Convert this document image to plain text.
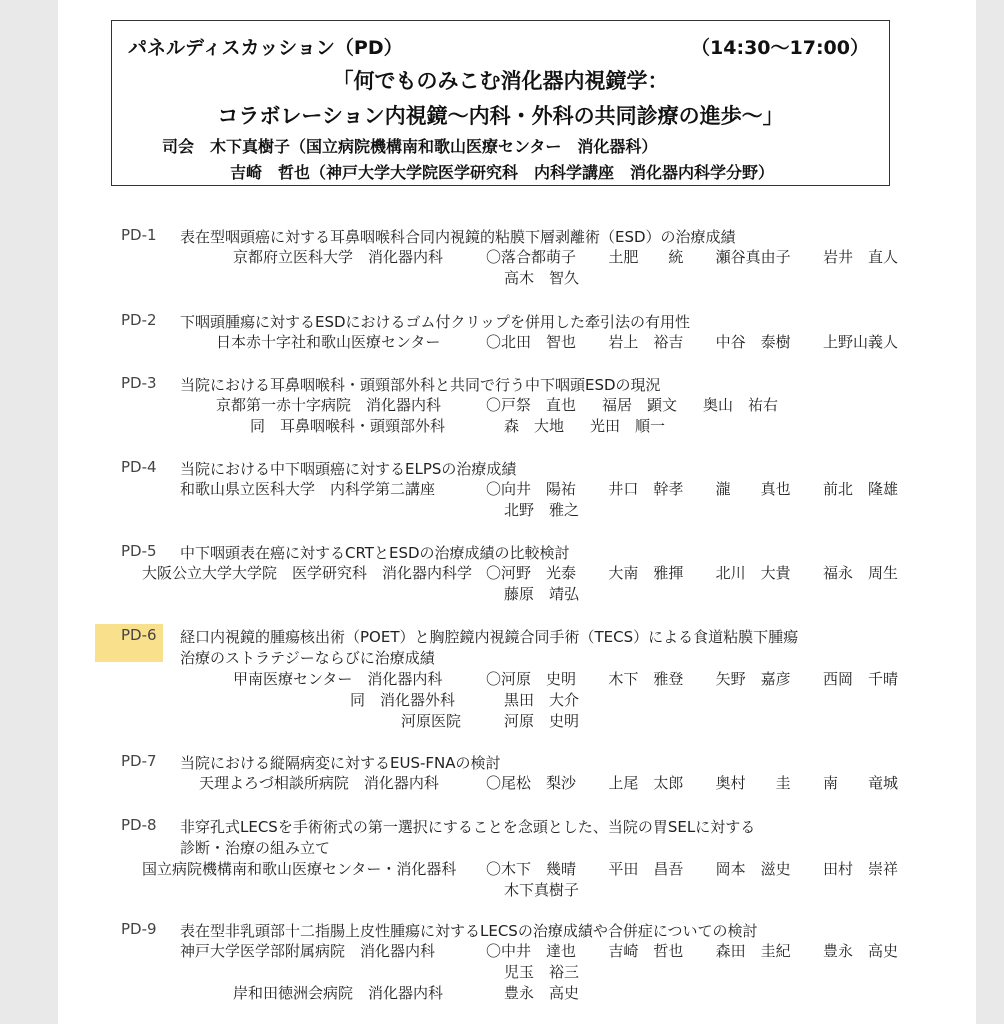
パネルディスカッション（PD）	（14:30〜17:00）
「何でものみこむ消化器内視鏡学：
コラボレーション内視鏡〜内科・外科の共同診療の進歩〜」
司会　木下真樹子（国立病院機構南和歌山医療センター　消化器科）
吉崎　哲也（神戸大学大学院医学研究科　内科学講座　消化器内科学分野）
PD-1 表在型咽頭癌に対する耳鼻咽喉科合同内視鏡的粘膜下層剥離術（ESD）の治療成績
京都府立医科大学　消化器内科	〇落合都萌子 土肥　　統 瀬谷真由子 岩井　直人
高木　智久
PD-2 下咽頭腫瘍に対するESDにおけるゴム付クリップを併用した牽引法の有用性
日本赤十字社和歌山医療センター	〇北田　智也 岩上　裕吉 中谷　泰樹 上野山義人
PD-3 当院における耳鼻咽喉科・頭頸部外科と共同で行う中下咽頭ESDの現況
京都第一赤十字病院　消化器内科	〇戸祭　直也 福居　顕文 奥山　祐右
同　耳鼻咽喉科・頭頸部外科	森　大地 光田　順一
PD-4 当院における中下咽頭癌に対するELPSの治療成績
和歌山県立医科大学　内科学第二講座	〇向井　陽祐 井口　幹孝 瀧　　真也 前北　隆雄
北野　雅之
PD-5 中下咽頭表在癌に対するCRTとESDの治療成績の比較検討
大阪公立大学大学院　医学研究科　消化器内科学 〇河野　光泰 大南　雅揮 北川　大貴 福永　周生
藤原　靖弘
PD-6	経口内視鏡的腫瘍核出術（POET）と胸腔鏡内視鏡合同手術（TECS）による食道粘膜下腫瘍
治療のストラテジーならびに治療成績
甲南医療センター　消化器内科	〇河原　史明 木下　雅登 矢野　嘉彦 西岡　千晴
同　消化器外科	黒田　大介
河原医院	河原　史明
PD-7 当院における縦隔病変に対するEUS-FNAの検討
天理よろづ相談所病院　消化器内科	〇尾松　梨沙 上尾　太郎 奥村　　圭 南　　竜城
PD-8 非穿孔式LECSを手術術式の第一選択にすることを念頭とした、当院の胃SELに対する
診断・治療の組み立て
国立病院機構南和歌山医療センター・消化器科 〇木下　幾晴 平田　昌吾 岡本　滋史 田村　崇祥
木下真樹子
PD-9 表在型非乳頭部十二指腸上皮性腫瘍に対するLECSの治療成績や合併症についての検討
神戸大学医学部附属病院　消化器内科	〇中井　達也 吉崎　哲也 森田　圭紀 豊永　高史
児玉　裕三
岸和田徳洲会病院　消化器内科	豊永　高史
